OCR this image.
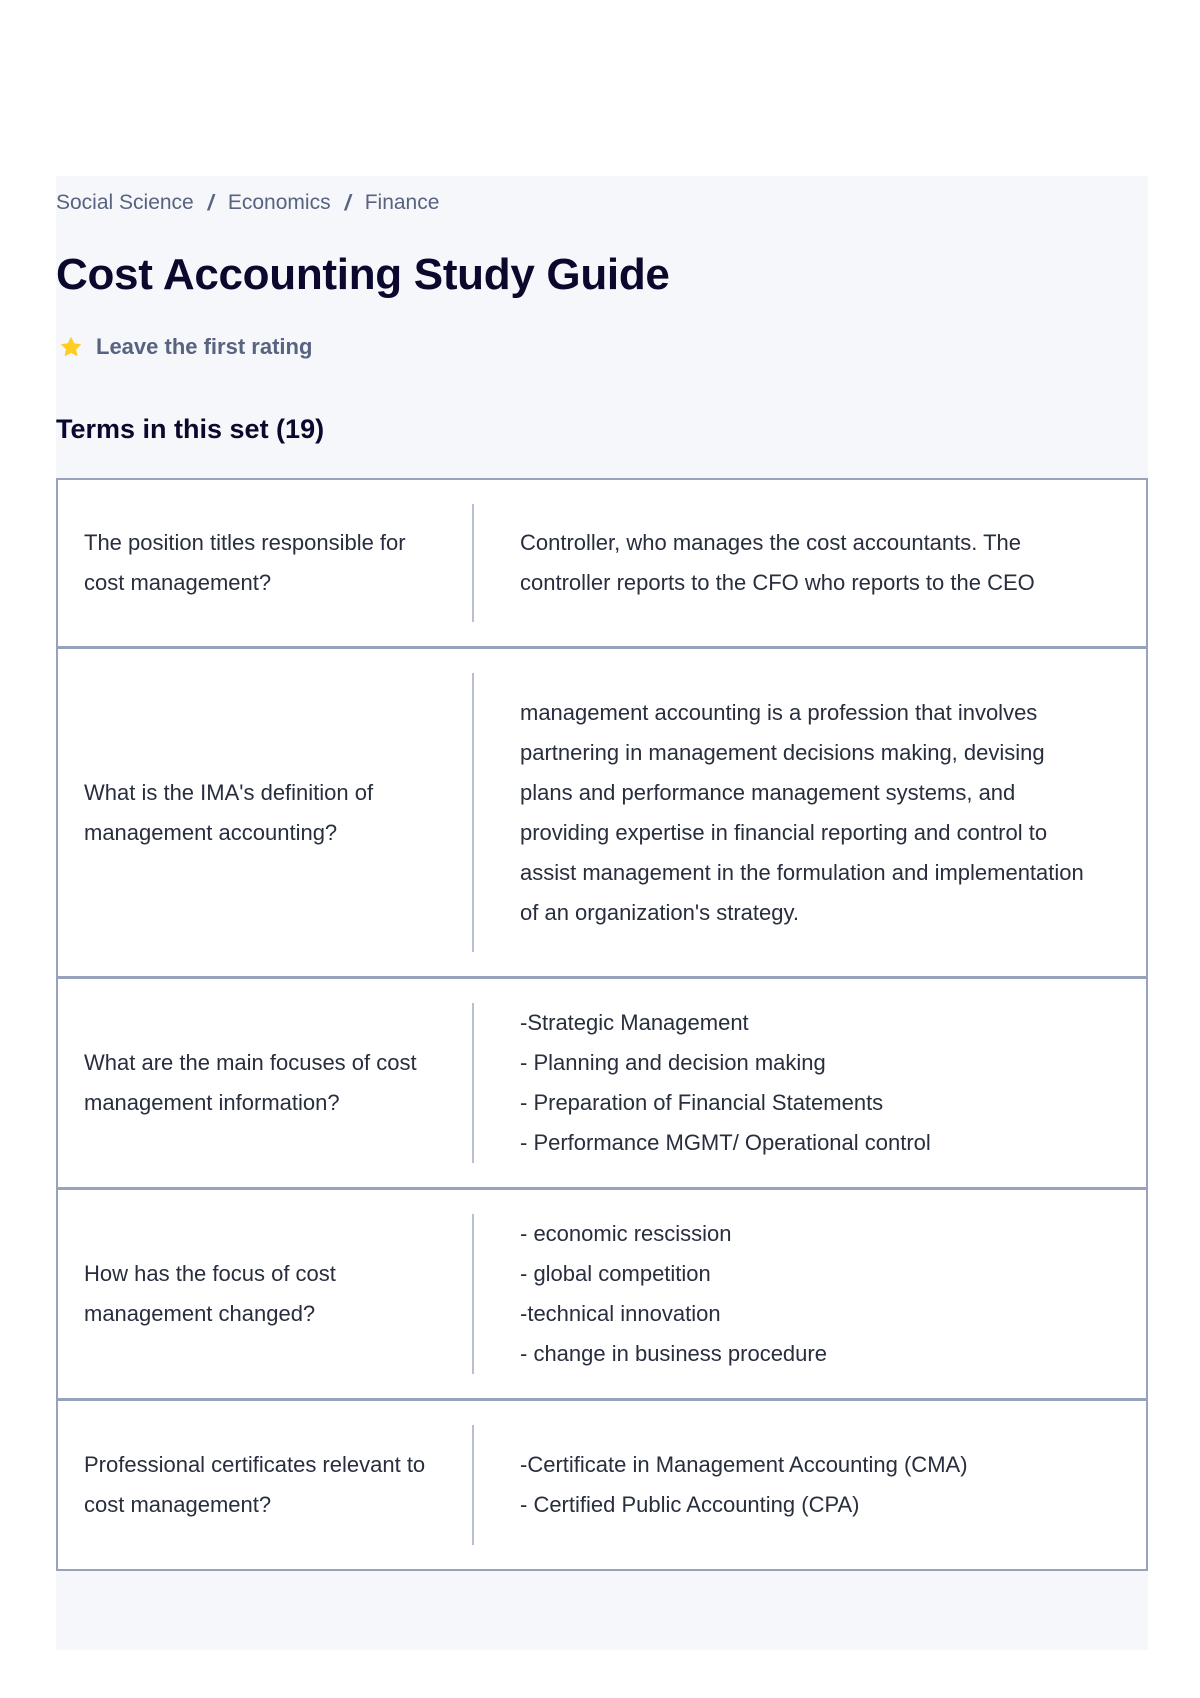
Social Science / Economics / Finance
Cost Accounting Study Guide
Leave the first rating
Terms in this set (19)
The position titles responsible for cost management?
Controller, who manages the cost accountants. The controller reports to the CFO who reports to the CEO
What is the IMA's definition of management accounting?
management accounting is a profession that involves partnering in management decisions making, devising plans and performance management systems, and providing expertise in financial reporting and control to assist management in the formulation and implementation of an organization's strategy.
What are the main focuses of cost management information?
-Strategic Management
- Planning and decision making
- Preparation of Financial Statements
- Performance MGMT/ Operational control
How has the focus of cost management changed?
- economic rescission
- global competition
-technical innovation
- change in business procedure
Professional certificates relevant to cost management?
-Certificate in Management Accounting (CMA)
- Certified Public Accounting (CPA)
